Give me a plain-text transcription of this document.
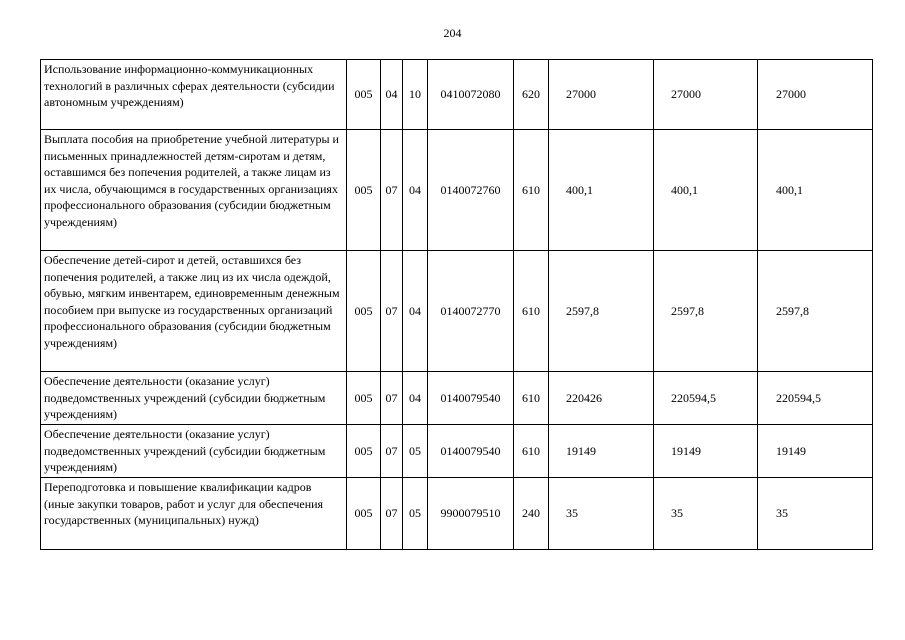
204
Использование информационно-коммуникационных технологий в различных сферах деятельности (субсидии автономным учреждениям)	005	04	10	0410072080	620	27000	27000	27000
Выплата пособия на приобретение учебной литературы и письменных принадлежностей детям-сиротам и детям, оставшимся без попечения родителей, а также лицам из их числа, обучающимся в государственных организациях профессионального образования (субсидии бюджетным учреждениям)	005	07	04	0140072760	610	400,1	400,1	400,1
Обеспечение детей-сирот и детей, оставшихся без попечения родителей, а также лиц из их числа одеждой, обувью, мягким инвентарем, единовременным денежным пособием при выпуске из государственных организаций профессионального образования (субсидии бюджетным учреждениям)	005	07	04	0140072770	610	2597,8	2597,8	2597,8
Обеспечение деятельности (оказание услуг) подведомственных учреждений (субсидии бюджетным учреждениям)	005	07	04	0140079540	610	220426	220594,5	220594,5
Обеспечение деятельности (оказание услуг) подведомственных учреждений (субсидии бюджетным учреждениям)	005	07	05	0140079540	610	19149	19149	19149
Переподготовка и повышение квалификации кадров (иные закупки товаров, работ и услуг для обеспечения государственных (муниципальных) нужд)	005	07	05	9900079510	240	35	35	35
